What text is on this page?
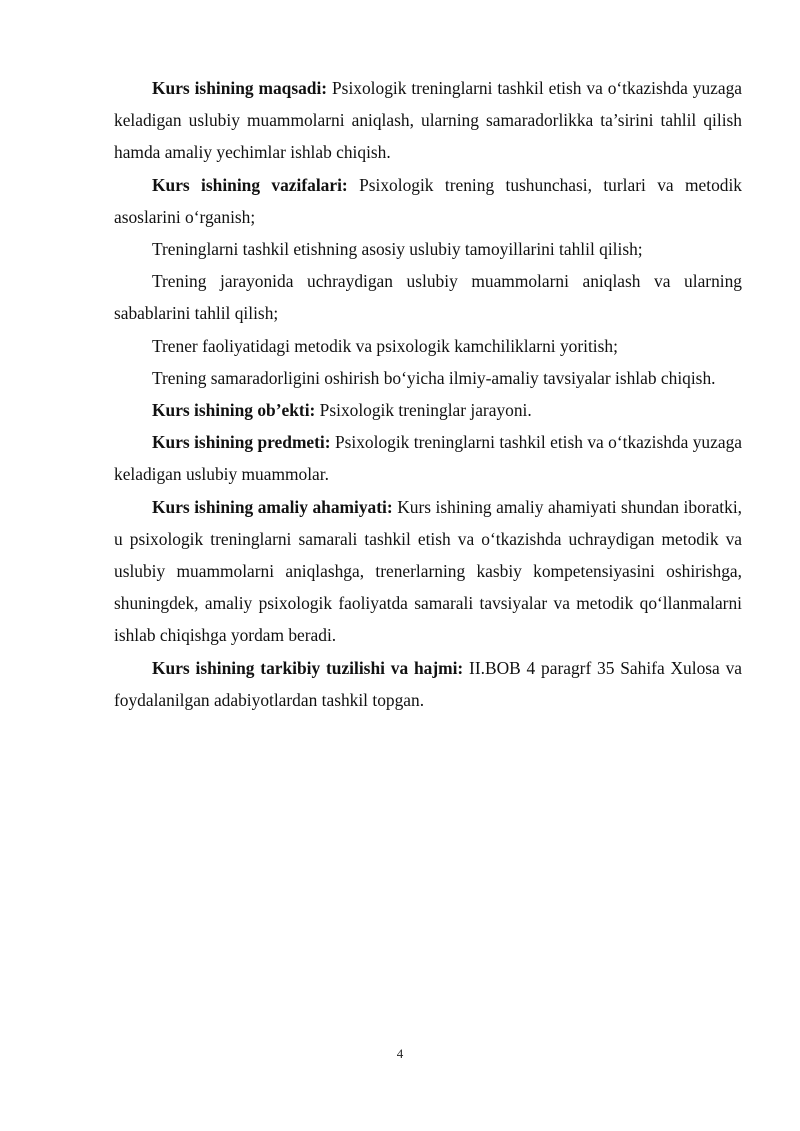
Kurs ishining maqsadi: Psixologik treninglarni tashkil etish va o‘tkazishda yuzaga keladigan uslubiy muammolarni aniqlash, ularning samaradorlikka ta’sirini tahlil qilish hamda amaliy yechimlar ishlab chiqish.

Kurs ishining vazifalari: Psixologik trening tushunchasi, turlari va metodik asoslarini o‘rganish;

Treninglarni tashkil etishning asosiy uslubiy tamoyillarini tahlil qilish;

Trening jarayonida uchraydigan uslubiy muammolarni aniqlash va ularning sabablarini tahlil qilish;

Trener faoliyatidagi metodik va psixologik kamchiliklarni yoritish;

Trening samaradorligini oshirish bo‘yicha ilmiy-amaliy tavsiyalar ishlab chiqish.

Kurs ishining ob’ekti: Psixologik treninglar jarayoni.

Kurs ishining predmeti: Psixologik treninglarni tashkil etish va o‘tkazishda yuzaga keladigan uslubiy muammolar.

Kurs ishining amaliy ahamiyati: Kurs ishining amaliy ahamiyati shundan iboratki, u psixologik treninglarni samarali tashkil etish va o‘tkazishda uchraydigan metodik va uslubiy muammolarni aniqlashga, trenerlarning kasbiy kompetensiyasini oshirishga, shuningdek, amaliy psixologik faoliyatda samarali tavsiyalar va metodik qo‘llanmalarni ishlab chiqishga yordam beradi.

Kurs ishining tarkibiy tuzilishi va hajmi: II.BOB 4 paragrf 35 Sahifa Xulosa va foydalanilgan adabiyotlardan tashkil topgan.

4
